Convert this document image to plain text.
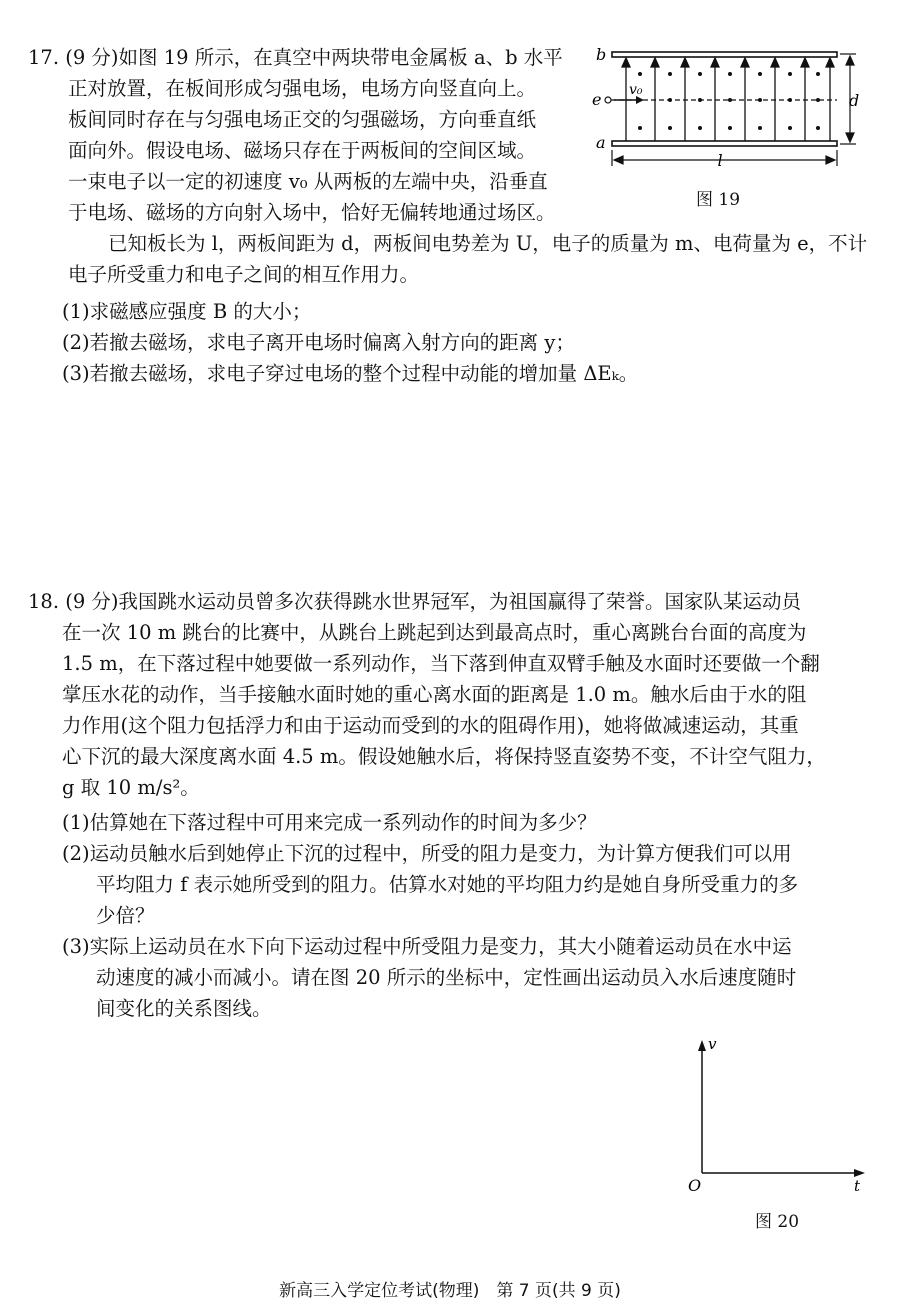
17. (9 分)如图 19 所示，在真空中两块带电金属板 a、b 水平
正对放置，在板间形成匀强电场，电场方向竖直向上。
板间同时存在与匀强电场正交的匀强磁场，方向垂直纸
面向外。假设电场、磁场只存在于两板间的空间区域。
一束电子以一定的初速度 v₀ 从两板的左端中央，沿垂直
于电场、磁场的方向射入场中，恰好无偏转地通过场区。
已知板长为 l，两板间距为 d，两板间电势差为 U，电子的质量为 m、电荷量为 e，不计
电子所受重力和电子之间的相互作用力。
(1)求磁感应强度 B 的大小；
(2)若撤去磁场，求电子离开电场时偏离入射方向的距离 y；
(3)若撤去磁场，求电子穿过电场的整个过程中动能的增加量 ΔEₖ。
b
a
e v₀
d
l
图 19
18. (9 分)我国跳水运动员曾多次获得跳水世界冠军，为祖国赢得了荣誉。国家队某运动员
在一次 10 m 跳台的比赛中，从跳台上跳起到达到最高点时，重心离跳台台面的高度为
1.5 m，在下落过程中她要做一系列动作，当下落到伸直双臂手触及水面时还要做一个翻
掌压水花的动作，当手接触水面时她的重心离水面的距离是 1.0 m。触水后由于水的阻
力作用(这个阻力包括浮力和由于运动而受到的水的阻碍作用)，她将做减速运动，其重
心下沉的最大深度离水面 4.5 m。假设她触水后，将保持竖直姿势不变，不计空气阻力，
g 取 10 m/s²。
(1)估算她在下落过程中可用来完成一系列动作的时间为多少？
(2)运动员触水后到她停止下沉的过程中，所受的阻力是变力，为计算方便我们可以用
平均阻力 f 表示她所受到的阻力。估算水对她的平均阻力约是她自身所受重力的多
少倍？
(3)实际上运动员在水下向下运动过程中所受阻力是变力，其大小随着运动员在水中运
动速度的减小而减小。请在图 20 所示的坐标中，定性画出运动员入水后速度随时
间变化的关系图线。
v
t
O
图 20
新高三入学定位考试(物理)　第 7 页(共 9 页)
